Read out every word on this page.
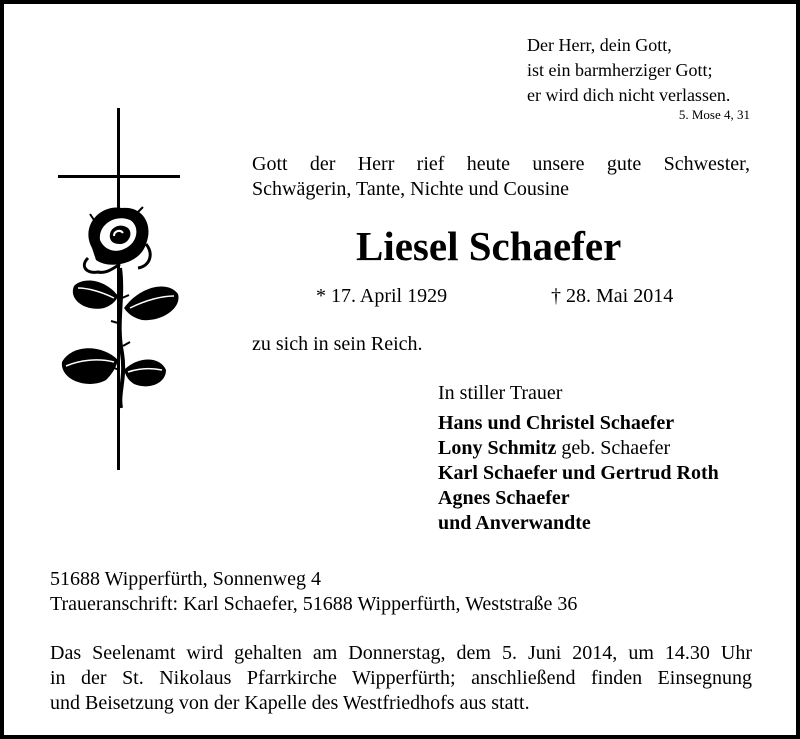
Der Herr, dein Gott,
ist ein barmherziger Gott;
er wird dich nicht verlassen.
5. Mose 4, 31
Gott der Herr rief heute unsere gute Schwester,
Schwägerin, Tante, Nichte und Cousine
Liesel Schaefer
* 17. April 1929	† 28. Mai 2014
zu sich in sein Reich.
In stiller Trauer
Hans und Christel Schaefer
Lony Schmitz geb. Schaefer
Karl Schaefer und Gertrud Roth
Agnes Schaefer
und Anverwandte
51688 Wipperfürth, Sonnenweg 4
Traueranschrift: Karl Schaefer, 51688 Wipperfürth, Weststraße 36
Das Seelenamt wird gehalten am Donnerstag, dem 5. Juni 2014, um 14.30 Uhr
in der St. Nikolaus Pfarrkirche Wipperfürth; anschließend finden Einsegnung
und Beisetzung von der Kapelle des Westfriedhofs aus statt.
